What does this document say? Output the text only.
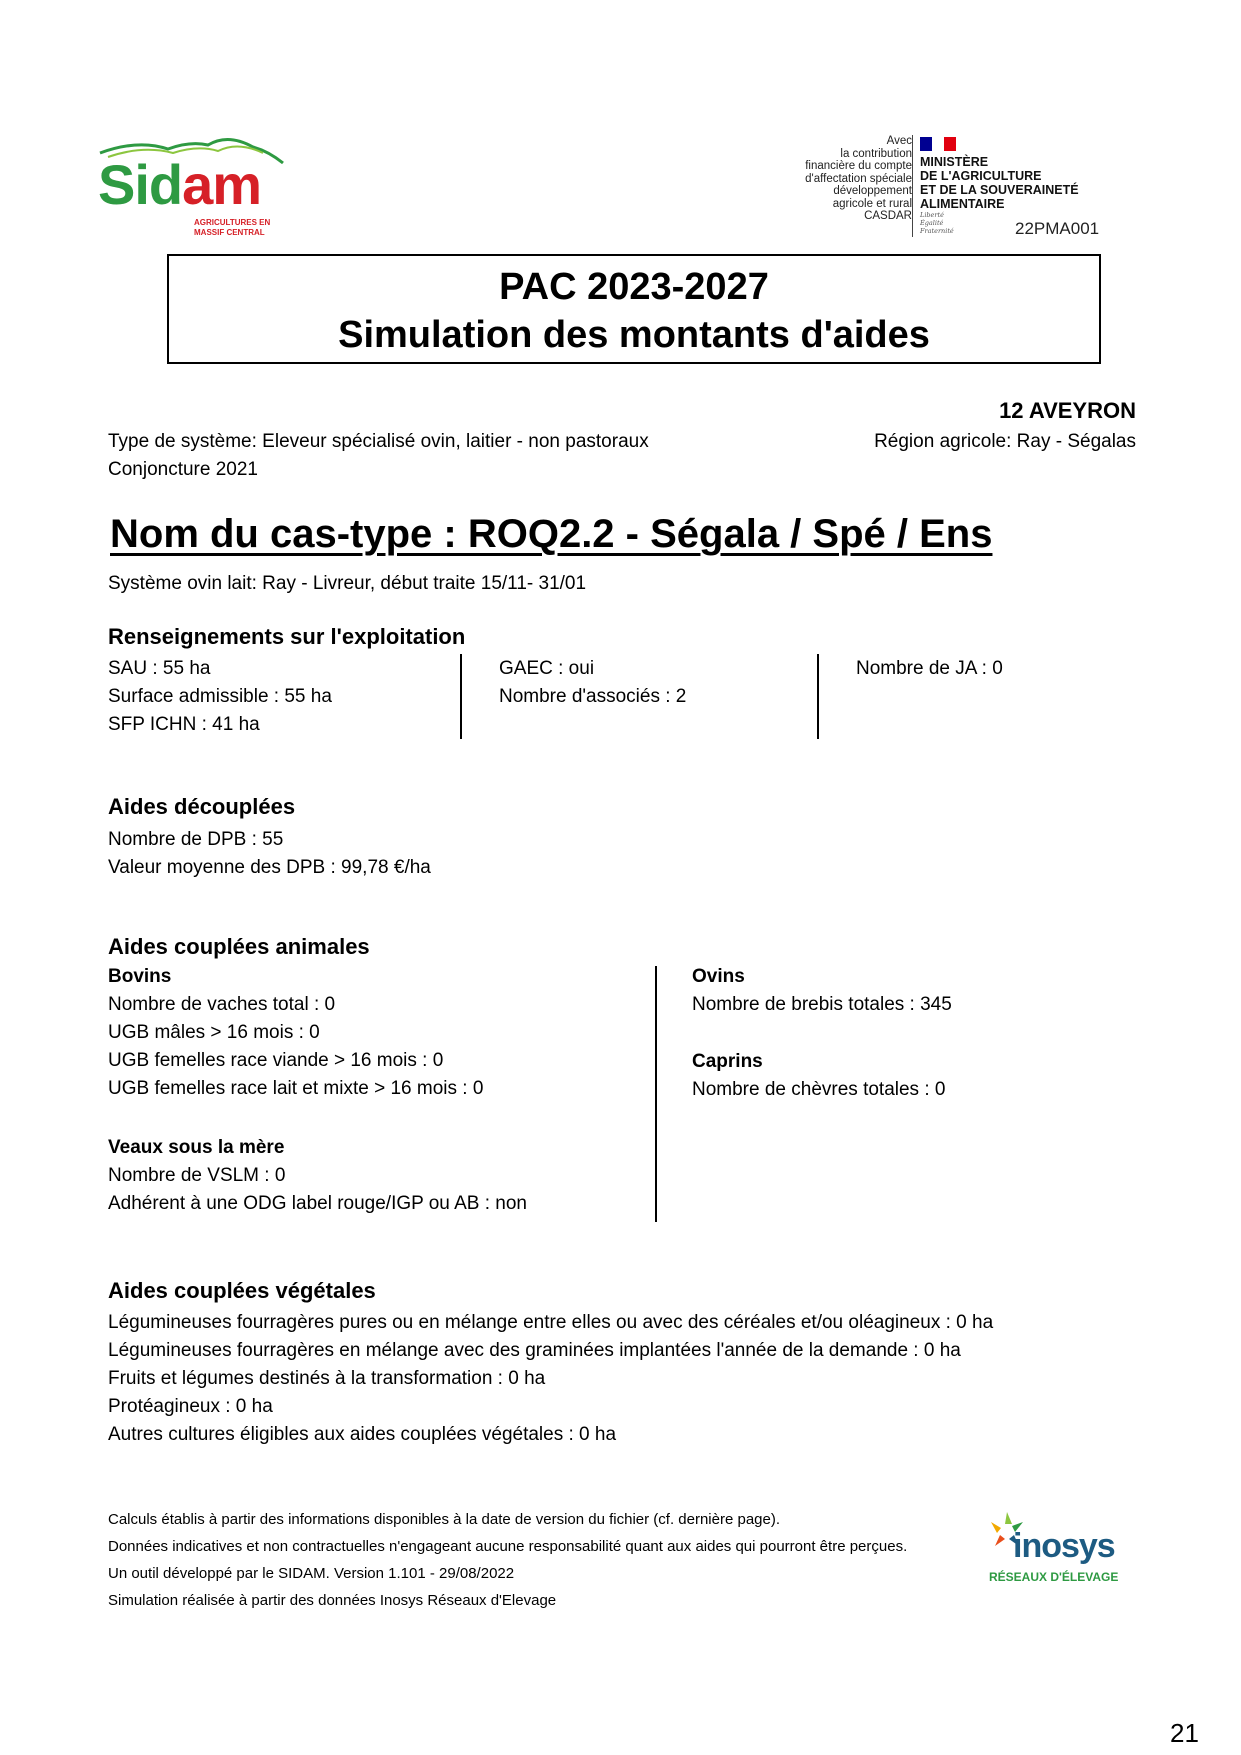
Sidam
AGRICULTURES EN
MASSIF CENTRAL
Avec
la contribution
financière du compte
d'affectation spéciale
développement
agricole et rural
CASDAR
MINISTÈRE
DE L'AGRICULTURE
ET DE LA SOUVERAINETÉ
ALIMENTAIRE
Liberté
Égalité
Fraternité	22PMA001
PAC 2023-2027
Simulation des montants d'aides
12 AVEYRON
Région agricole: Ray - Ségalas
Type de système: Eleveur spécialisé ovin, laitier - non pastoraux
Conjoncture 2021
Nom du cas-type : ROQ2.2 - Ségala / Spé / Ens
Système ovin lait: Ray - Livreur, début traite 15/11- 31/01
Renseignements sur l'exploitation
SAU : 55 ha
Surface admissible : 55 ha
SFP ICHN : 41 ha
GAEC : oui
Nombre d'associés : 2
Nombre de JA : 0
Aides découplées
Nombre de DPB : 55
Valeur moyenne des DPB : 99,78 €/ha
Aides couplées animales
Bovins
Nombre de vaches total : 0
UGB mâles > 16 mois : 0
UGB femelles race viande > 16 mois : 0
UGB femelles race lait et mixte > 16 mois : 0
Veaux sous la mère
Nombre de VSLM : 0
Adhérent à une ODG label rouge/IGP ou AB : non
Ovins
Nombre de brebis totales : 345
Caprins
Nombre de chèvres totales : 0
Aides couplées végétales
Légumineuses fourragères pures ou en mélange entre elles ou avec des céréales et/ou oléagineux : 0 ha
Légumineuses fourragères en mélange avec des graminées implantées l'année de la demande : 0 ha
Fruits et légumes destinés à la transformation : 0 ha
Protéagineux : 0 ha
Autres cultures éligibles aux aides couplées végétales : 0 ha
Calculs établis à partir des informations disponibles à la date de version du fichier (cf. dernière page).
Données indicatives et non contractuelles n'engageant aucune responsabilité quant aux aides qui pourront être perçues.
Un outil développé par le SIDAM. Version 1.101 - 29/08/2022
Simulation réalisée à partir des données Inosys Réseaux d'Elevage
inosys
RÉSEAUX D'ÉLEVAGE
21
